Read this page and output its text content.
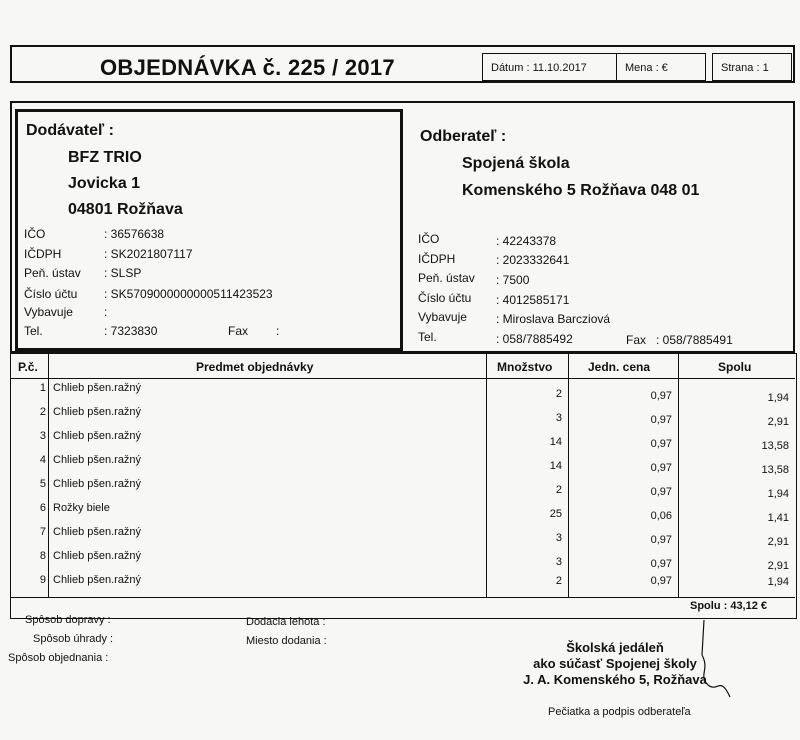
OBJEDNÁVKA č. 225 / 2017	Dátum : 11.10.2017	Mena : €	Strana : 1
Dodávateľ :
BFZ TRIO
Jovicka 1
04801 Rožňava
IČO	: 36576638
IČDPH	: SK2021807117
Peň. ústav : SLSP
Číslo účtu : SK5709000000000511423523
Vybavuje	:
Tel.	: 7323830	Fax :
Odberateľ :
Spojená škola
Komenského 5 Rožňava 048 01
IČO	: 42243378
IČDPH	: 2023332641
Peň. ústav : 7500
Číslo účtu : 4012585171
Vybavuje : Miroslava Barcziová
Tel.	: 058/7885492	Fax : 058/7885491
P.č.	Predmet objednávky	Množstvo	Jedn. cena	Spolu
1 Chlieb pšen.ražný	2	0,97	1,94
2 Chlieb pšen.ražný	3	0,97	2,91
3 Chlieb pšen.ražný	14	0,97	13,58
4 Chlieb pšen.ražný	14	0,97	13,58
5 Chlieb pšen.ražný	2	0,97	1,94
6 Rožky biele	25	0,06	1,41
7 Chlieb pšen.ražný	3	0,97	2,91
8 Chlieb pšen.ražný	3	0,97	2,91
9 Chlieb pšen.ražný	2	0,97	1,94
Spolu : 43,12 €
Spôsob dopravy :
Spôsob úhrady :
Spôsob objednania :
Dodacia lehota :
Miesto dodania :	Školská jedáleň
ako súčasť Spojenej školy
J. A. Komenského 5, Rožňava
Pečiatka a podpis odberateľa
